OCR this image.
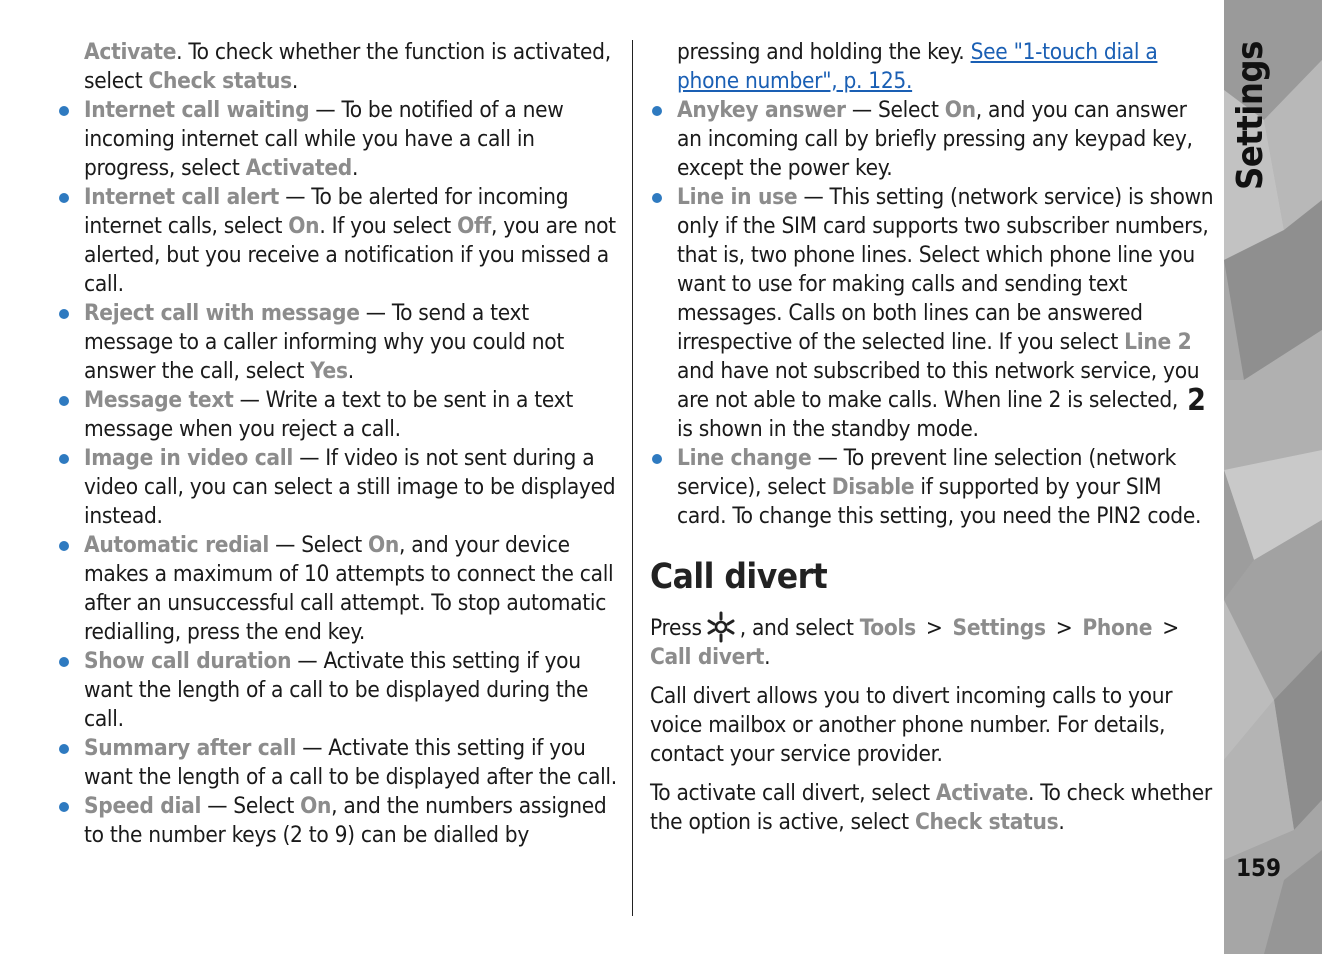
Activate. To check whether the function is activated, select Check status.

Internet call waiting — To be notified of a new incoming internet call while you have a call in progress, select Activated.
Internet call alert — To be alerted for incoming internet calls, select On. If you select Off, you are not alerted, but you receive a notification if you missed a call.
Reject call with message — To send a text message to a caller informing why you could not answer the call, select Yes.
Message text — Write a text to be sent in a text message when you reject a call.
Image in video call — If video is not sent during a video call, you can select a still image to be displayed instead.
Automatic redial — Select On, and your device makes a maximum of 10 attempts to connect the call after an unsuccessful call attempt. To stop automatic redialling, press the end key.
Show call duration — Activate this setting if you want the length of a call to be displayed during the call.
Summary after call — Activate this setting if you want the length of a call to be displayed after the call.
Speed dial — Select On, and the numbers assigned to the number keys (2 to 9) can be dialled by

pressing and holding the key. See "1-touch dial a phone number", p. 125.

Anykey answer — Select On, and you can answer an incoming call by briefly pressing any keypad key, except the power key.
Line in use — This setting (network service) is shown only if the SIM card supports two subscriber numbers, that is, two phone lines. Select which phone line you want to use for making calls and sending text messages. Calls on both lines can be answered irrespective of the selected line. If you select Line 2 and have not subscribed to this network service, you are not able to make calls. When line 2 is selected, 2 is shown in the standby mode.
Line change — To prevent line selection (network service), select Disable if supported by your SIM card. To change this setting, you need the PIN2 code.
Call divert

Press , and select Tools > Settings > Phone >Call divert.

Call divert allows you to divert incoming calls to your voice mailbox or another phone number. For details, contact your service provider.

To activate call divert, select Activate. To check whether the option is active, select Check status.

Settings
159
